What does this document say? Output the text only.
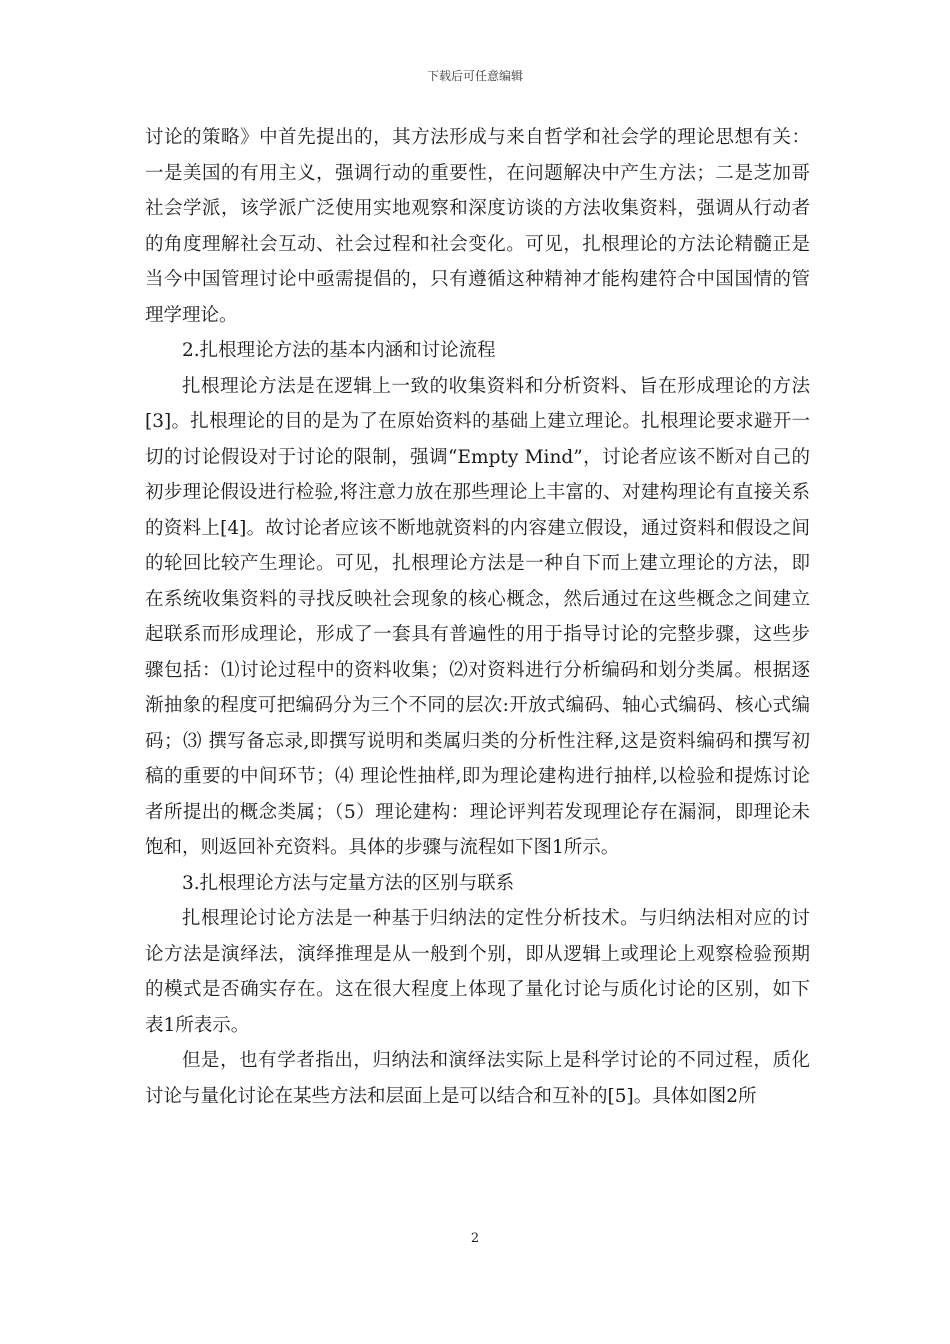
下载后可任意编辑

讨论的策略》中首先提出的，其方法形成与来自哲学和社会学的理论思想有关：一是美国的有用主义，强调行动的重要性，在问题解决中产生方法；二是芝加哥社会学派，该学派广泛使用实地观察和深度访谈的方法收集资料，强调从行动者的角度理解社会互动、社会过程和社会变化。可见，扎根理论的方法论精髓正是当今中国管理讨论中亟需提倡的，只有遵循这种精神才能构建符合中国国情的管理学理论。

2.扎根理论方法的基本内涵和讨论流程

扎根理论方法是在逻辑上一致的收集资料和分析资料、旨在形成理论的方法[3]。扎根理论的目的是为了在原始资料的基础上建立理论。扎根理论要求避开一切的讨论假设对于讨论的限制，强调“Empty Mind”，讨论者应该不断对自己的初步理论假设进行检验,将注意力放在那些理论上丰富的、对建构理论有直接关系的资料上[4]。故讨论者应该不断地就资料的内容建立假设，通过资料和假设之间的轮回比较产生理论。可见，扎根理论方法是一种自下而上建立理论的方法，即在系统收集资料的寻找反映社会现象的核心概念，然后通过在这些概念之间建立起联系而形成理论，形成了一套具有普遍性的用于指导讨论的完整步骤，这些步骤包括：⑴讨论过程中的资料收集；⑵对资料进行分析编码和划分类属。根据逐渐抽象的程度可把编码分为三个不同的层次:开放式编码、轴心式编码、核心式编码；⑶ 撰写备忘录,即撰写说明和类属归类的分析性注释,这是资料编码和撰写初稿的重要的中间环节；⑷ 理论性抽样,即为理论建构进行抽样,以检验和提炼讨论者所提出的概念类属；（5）理论建构：理论评判若发现理论存在漏洞，即理论未饱和，则返回补充资料。具体的步骤与流程如下图1所示。

3.扎根理论方法与定量方法的区别与联系

扎根理论讨论方法是一种基于归纳法的定性分析技术。与归纳法相对应的讨论方法是演绎法，演绎推理是从一般到个别，即从逻辑上或理论上观察检验预期的模式是否确实存在。这在很大程度上体现了量化讨论与质化讨论的区别，如下表1所表示。

但是，也有学者指出，归纳法和演绎法实际上是科学讨论的不同过程，质化讨论与量化讨论在某些方法和层面上是可以结合和互补的[5]。具体如图2所

2
